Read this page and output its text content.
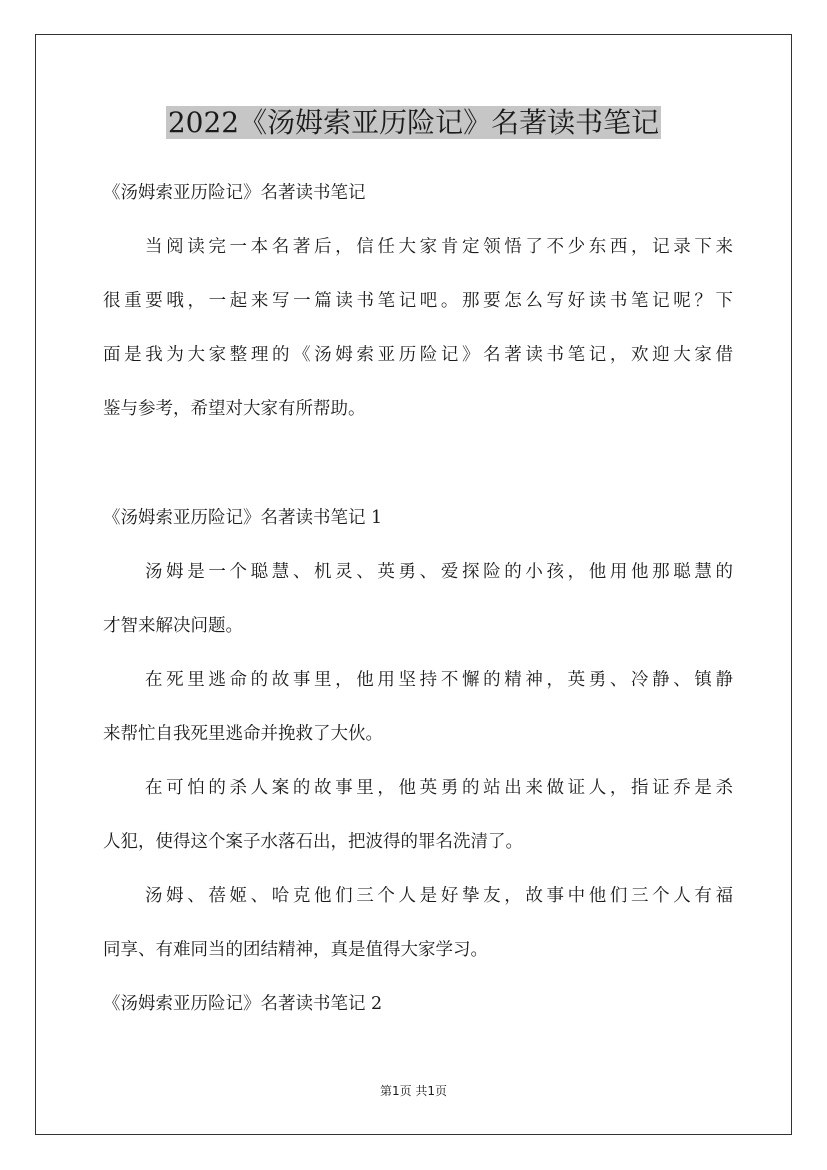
2022《汤姆索亚历险记》名著读书笔记
《汤姆索亚历险记》名著读书笔记
当阅读完一本名著后，信任大家肯定领悟了不少东西，记录下来
很重要哦，一起来写一篇读书笔记吧。那要怎么写好读书笔记呢？下
面是我为大家整理的《汤姆索亚历险记》名著读书笔记，欢迎大家借
鉴与参考，希望对大家有所帮助。
《汤姆索亚历险记》名著读书笔记 1
汤姆是一个聪慧、机灵、英勇、爱探险的小孩，他用他那聪慧的
才智来解决问题。
在死里逃命的故事里，他用坚持不懈的精神，英勇、冷静、镇静
来帮忙自我死里逃命并挽救了大伙。
在可怕的杀人案的故事里，他英勇的站出来做证人，指证乔是杀
人犯，使得这个案子水落石出，把波得的罪名洗清了。
汤姆、蓓姬、哈克他们三个人是好挚友，故事中他们三个人有福
同享、有难同当的团结精神，真是值得大家学习。
《汤姆索亚历险记》名著读书笔记 2
第1页 共1页
